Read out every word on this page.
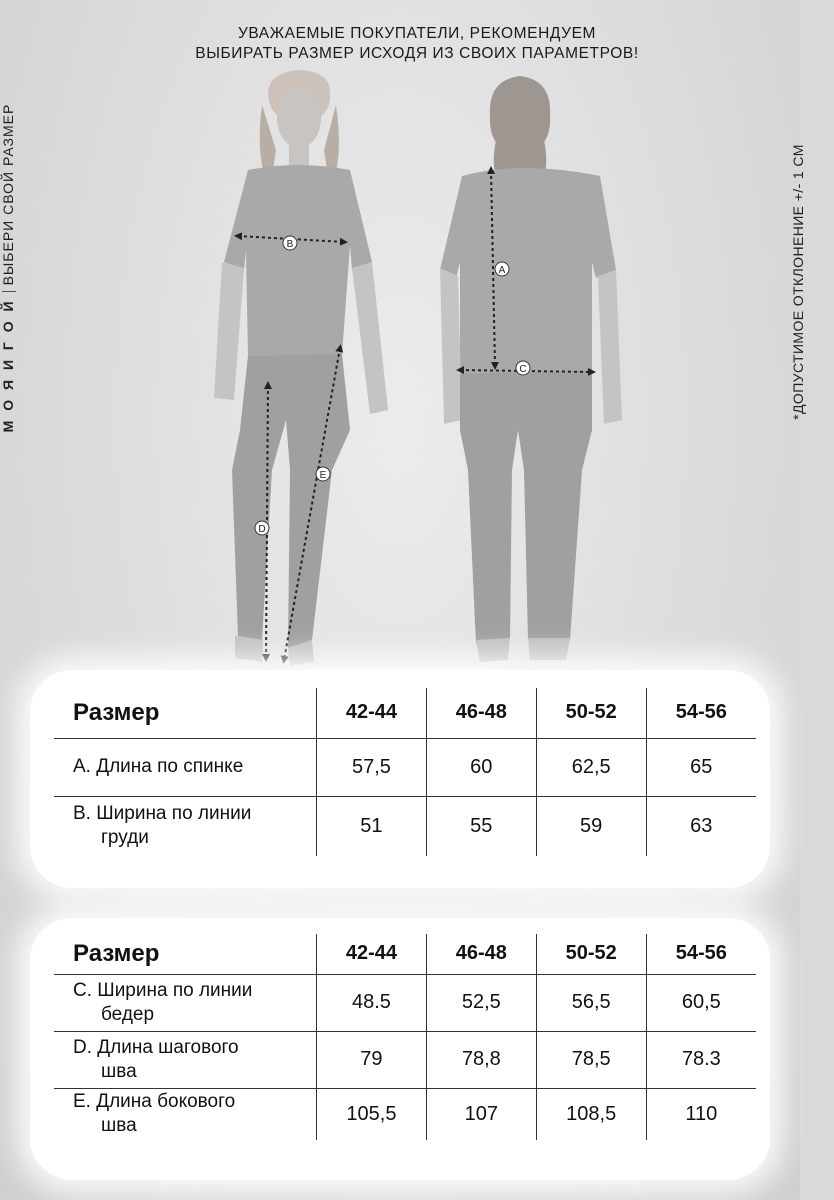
УВАЖАЕМЫЕ ПОКУПАТЕЛИ, РЕКОМЕНДУЕМ
ВЫБИРАТЬ РАЗМЕР ИСХОДЯ ИЗ СВОИХ ПАРАМЕТРОВ!
М О Я И Г О ЙВЫБЕРИ СВОЙ РАЗМЕР	*ДОПУСТИМОЕ ОТКЛОНЕНИЕ +/- 1 СМ
B
D
E
A
C
Размер	42-44	46-48	50-52	54-56
А. Длина по спинке	57,5	60	62,5	65
В. Ширина по линии
груди	51	55	59	63
Размер	42-44	46-48	50-52	54-56
С. Ширина по линии
бедер	48.5	52,5	56,5	60,5
D. Длина шагового
шва	79	78,8	78,5	78.3
E. Длина бокового
шва	105,5	107	108,5	110
